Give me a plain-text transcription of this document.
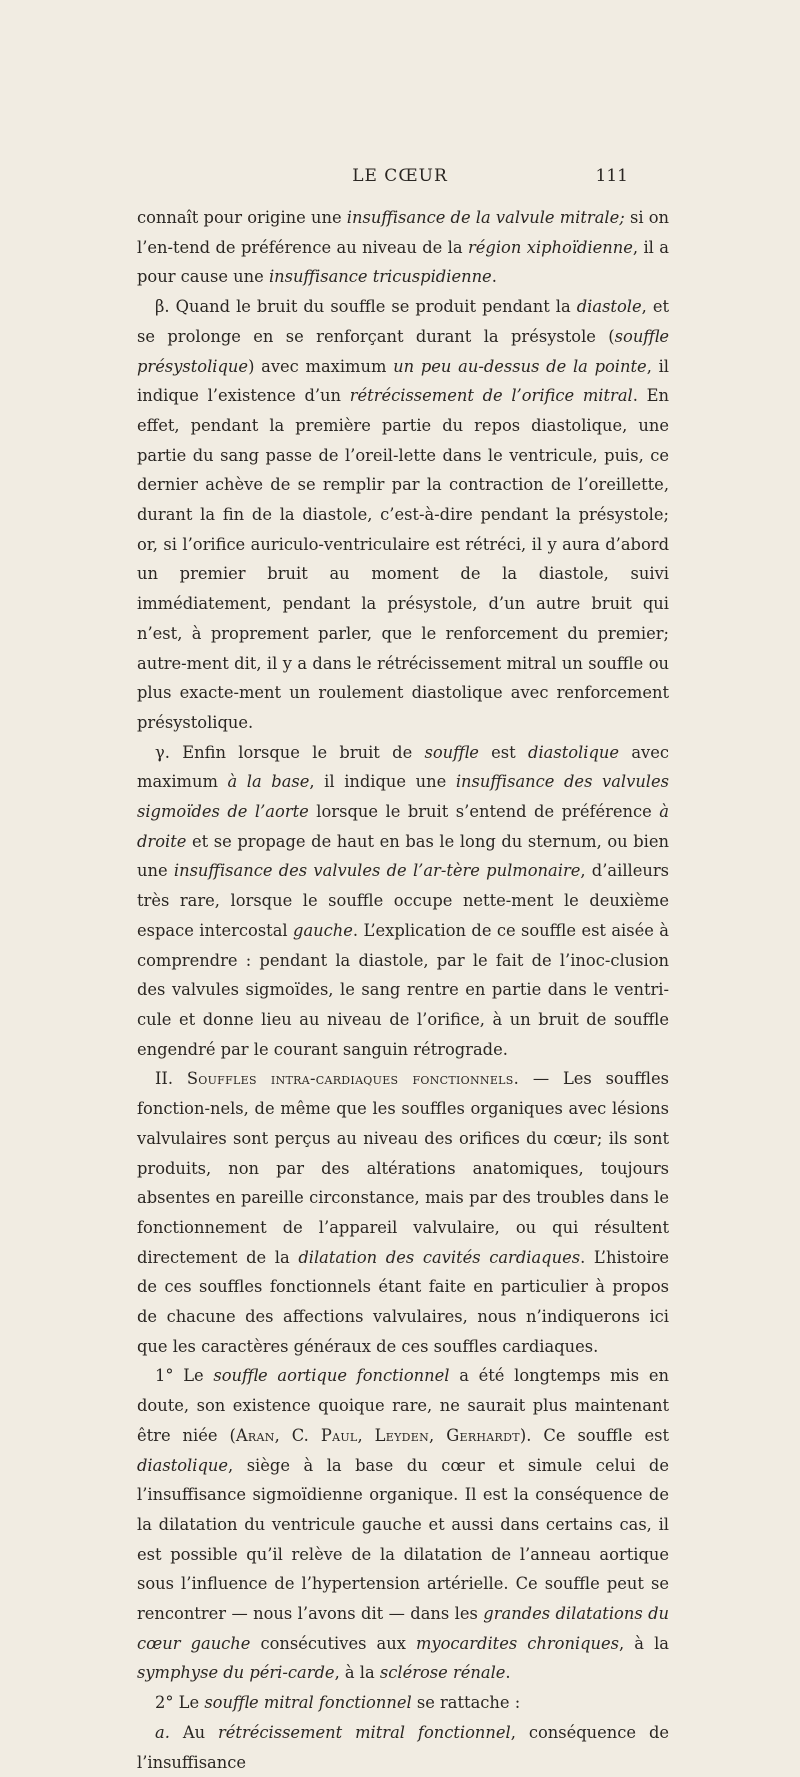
LE CŒUR	111

connaît pour origine une insuffisance de la valvule mitrale; si on l’en-tend de préférence au niveau de la région xiphoïdienne, il a pour cause une insuffisance tricuspidienne.

β. Quand le bruit du souffle se produit pendant la diastole, et se prolonge en se renforçant durant la présystole (souffle présystolique) avec maximum un peu au-dessus de la pointe, il indique l’existence d’un rétrécissement de l’orifice mitral. En effet, pendant la première partie du repos diastolique, une partie du sang passe de l’oreil-lette dans le ventricule, puis, ce dernier achève de se remplir par la contraction de l’oreillette, durant la fin de la diastole, c’est-à-dire pendant la présystole; or, si l’orifice auriculo-ventriculaire est rétréci, il y aura d’abord un premier bruit au moment de la diastole, suivi immédiatement, pendant la présystole, d’un autre bruit qui n’est, à proprement parler, que le renforcement du premier; autre-ment dit, il y a dans le rétrécissement mitral un souffle ou plus exacte-ment un roulement diastolique avec renforcement présystolique.

γ. Enfin lorsque le bruit de souffle est diastolique avec maximum à la base, il indique une insuffisance des valvules sigmoïdes de l’aorte lorsque le bruit s’entend de préférence à droite et se propage de haut en bas le long du sternum, ou bien une insuffisance des valvules de l’ar-tère pulmonaire, d’ailleurs très rare, lorsque le souffle occupe nette-ment le deuxième espace intercostal gauche. L’explication de ce souffle est aisée à comprendre : pendant la diastole, par le fait de l’inoc-clusion des valvules sigmoïdes, le sang rentre en partie dans le ventri-cule et donne lieu au niveau de l’orifice, à un bruit de souffle engendré par le courant sanguin rétrograde.

II. Souffles intra-cardiaques fonctionnels. — Les souffles fonction-nels, de même que les souffles organiques avec lésions valvulaires sont perçus au niveau des orifices du cœur; ils sont produits, non par des altérations anatomiques, toujours absentes en pareille circonstance, mais par des troubles dans le fonctionnement de l’appareil valvulaire, ou qui résultent directement de la dilatation des cavités cardiaques. L’histoire de ces souffles fonctionnels étant faite en particulier à propos de chacune des affections valvulaires, nous n’indiquerons ici que les caractères généraux de ces souffles cardiaques.

1° Le souffle aortique fonctionnel a été longtemps mis en doute, son existence quoique rare, ne saurait plus maintenant être niée (Aran, C. Paul, Leyden, Gerhardt). Ce souffle est diastolique, siège à la base du cœur et simule celui de l’insuffisance sigmoïdienne organique. Il est la conséquence de la dilatation du ventricule gauche et aussi dans certains cas, il est possible qu’il relève de la dilatation de l’anneau aortique sous l’influence de l’hypertension artérielle. Ce souffle peut se rencontrer — nous l’avons dit — dans les grandes dilatations du cœur gauche consécutives aux myocardites chroniques, à la symphyse du péri-carde, à la sclérose rénale.

2° Le souffle mitral fonctionnel se rattache :

a. Au rétrécissement mitral fonctionnel, conséquence de l’insuffisance
